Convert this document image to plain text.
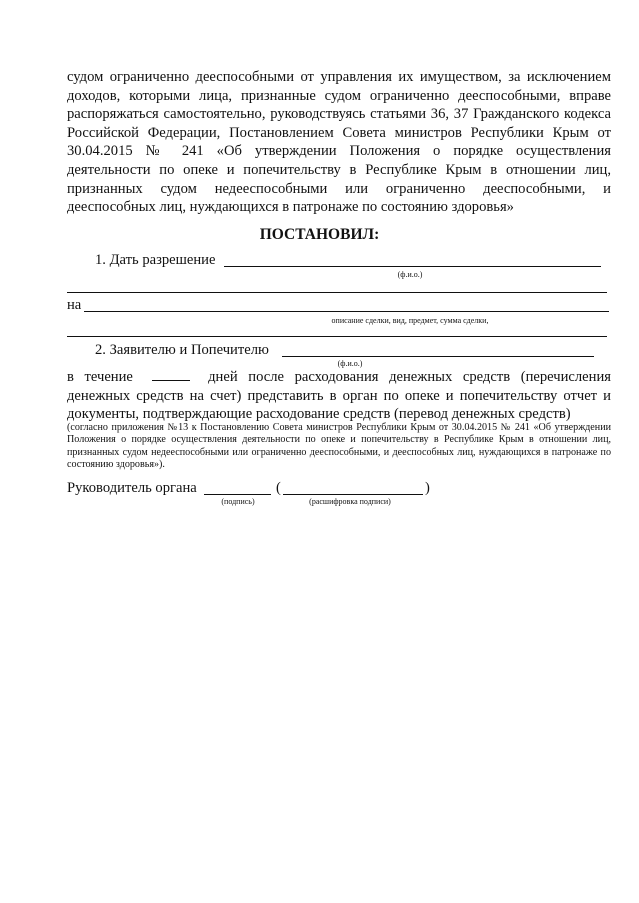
судом ограниченно дееспособными от управления их имуществом, за исключением доходов, которыми лица, признанные судом ограниченно дееспособными, вправе распоряжаться самостоятельно, руководствуясь статьями 36, 37 Гражданского кодекса Российской Федерации, Постановлением Совета министров Республики Крым от 30.04.2015 № 241 «Об утверждении Положения о порядке осуществления деятельности по опеке и попечительству в Республике Крым в отношении лиц, признанных судом недееспособными или ограниченно дееспособными, и дееспособных лиц, нуждающихся в патронаже по состоянию здоровья»
ПОСТАНОВИЛ:
1. Дать разрешение
(ф.и.о.)
на
описание сделки, вид, предмет, сумма сделки,
2. Заявителю и Попечителю
(ф.и.о.)
в течение	дней после расходования денежных средств (перечисления денежных средств на счет) представить в орган по опеке и попечительству отчет и документы, подтверждающие расходование средств (перевод денежных средств)
(согласно приложения №13 к Постановлению Совета министров Республики Крым от 30.04.2015 № 241 «Об утверждении Положения о порядке осуществления деятельности по опеке и попечительству в Республике Крым в отношении лиц, признанных судом недееспособными или ограниченно дееспособными, и дееспособных лиц, нуждающихся в патронаже по состоянию здоровья»).
Руководитель органа	(	)
(подпись)	(расшифровка подписи)
